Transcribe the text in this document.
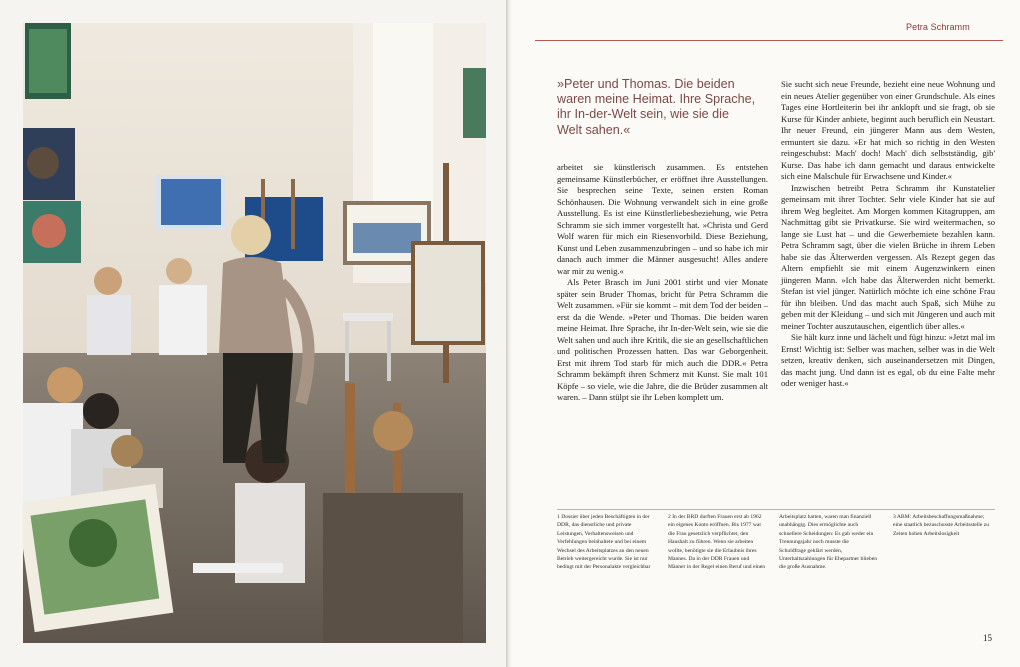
Petra Schramm
»Peter und Thomas. Die beiden waren meine Heimat. Ihre Sprache, ihr In-der-Welt sein, wie sie die Welt sahen.«

arbeitet sie künstlerisch zusammen. Es entstehen gemeinsame Künstlerbücher, er eröffnet ihre Ausstellungen. Sie besprechen seine Texte, seinen ersten Roman Schönhausen. Die Wohnung verwandelt sich in eine große Ausstellung. Es ist eine Künstlerliebesbeziehung, wie Petra Schramm sie sich immer vorgestellt hat. »Christa und Gerd Wolf waren für mich ein Riesenvorbild. Diese Beziehung, Kunst und Leben zusammenzubringen – und so habe ich mir danach auch immer die Männer ausgesucht! Alles andere war mir zu wenig.«

Als Peter Brasch im Juni 2001 stirbt und vier Monate später sein Bruder Thomas, bricht für Petra Schramm die Welt zusammen. »Für sie kommt – mit dem Tod der beiden – erst da die Wende. »Peter und Thomas. Die beiden waren meine Heimat. Ihre Sprache, ihr In-der-Welt sein, wie sie die Welt sahen und auch ihre Kritik, die sie an gesellschaftlichen und politischen Prozessen hatten. Das war Geborgenheit. Erst mit ihrem Tod starb für mich auch die DDR.« Petra Schramm bekämpft ihren Schmerz mit Kunst. Sie malt 101 Köpfe – so viele, wie die Jahre, die die Brüder zusammen alt waren. – Dann stülpt sie ihr Leben komplett um.

Sie sucht sich neue Freunde, bezieht eine neue Wohnung und ein neues Atelier gegenüber von einer Grundschule. Als eines Tages eine Hortleiterin bei ihr anklopft und sie fragt, ob sie Kurse für Kinder anbiete, beginnt auch beruflich ein Neustart. Ihr neuer Freund, ein jüngerer Mann aus dem Westen, ermuntert sie dazu. »Er hat mich so richtig in den Westen reingeschubst: Mach' doch! Mach' dich selbstständig, gib' Kurse. Das habe ich dann gemacht und daraus entwickelte sich eine Malschule für Erwachsene und Kinder.«

Inzwischen betreibt Petra Schramm ihr Kunstatelier gemeinsam mit ihrer Tochter. Sehr viele Kinder hat sie auf ihrem Weg begleitet. Am Morgen kommen Kitagruppen, am Nachmittag gibt sie Privatkurse. Sie wird weitermachen, so lange sie Lust hat – und die Gewerbemiete bezahlen kann. Petra Schramm sagt, über die vielen Brüche in ihrem Leben habe sie das Älterwerden vergessen. Als Rezept gegen das Altern empfiehlt sie mit einem Augenzwinkern einen jüngeren Mann. »Ich habe das Älterwerden nicht bemerkt. Stefan ist viel jünger. Natürlich möchte ich eine schöne Frau für ihn bleiben. Und das macht auch Spaß, sich Mühe zu geben mit der Kleidung – und sich mit Jüngeren und auch mit meiner Tochter auszutauschen, eigentlich über alles.«

Sie hält kurz inne und lächelt und fügt hinzu: »Jetzt mal im Ernst! Wichtig ist: Selber was machen, selber was in die Welt setzen, kreativ denken, sich auseinandersetzen mit Dingen, das macht jung. Und dann ist es egal, ob du eine Falte mehr oder weniger hast.«

1 Dossier über jeden Beschäftigten in der DDR, das dienstliche und private Leistungen, Verhaltensweisen und Verfehlungen beinhaltete und bei einem Wechsel des Arbeitsplatzes an den neuen Betrieb weitergereicht wurde. Sie ist nur bedingt mit der Personalakte vergleichbar
2 In der BRD durften Frauen erst ab 1962 ein eigenes Konto eröffnen. Bis 1977 war die Frau gesetzlich verpflichtet, den Haushalt zu führen. Wenn sie arbeiten wollte, benötigte sie die Erlaubnis ihres Mannes. Da in der DDR Frauen und Männer in der Regel einen Beruf und einen
Arbeitsplatz hatten, waren man finanziell unabhängig. Dies ermöglichte auch schnellere Scheidungen: Es gab weder ein Trennungsjahr noch musste die Schuldfrage geklärt werden, Unterhaltszahlungen für Ehepartner blieben die große Ausnahme.
3 ABM: Arbeitsbeschaffungsmaßnahme; eine staatlich bezuschusste Arbeitsstelle zu Zeiten hohen Arbeitslosigkeit
15
